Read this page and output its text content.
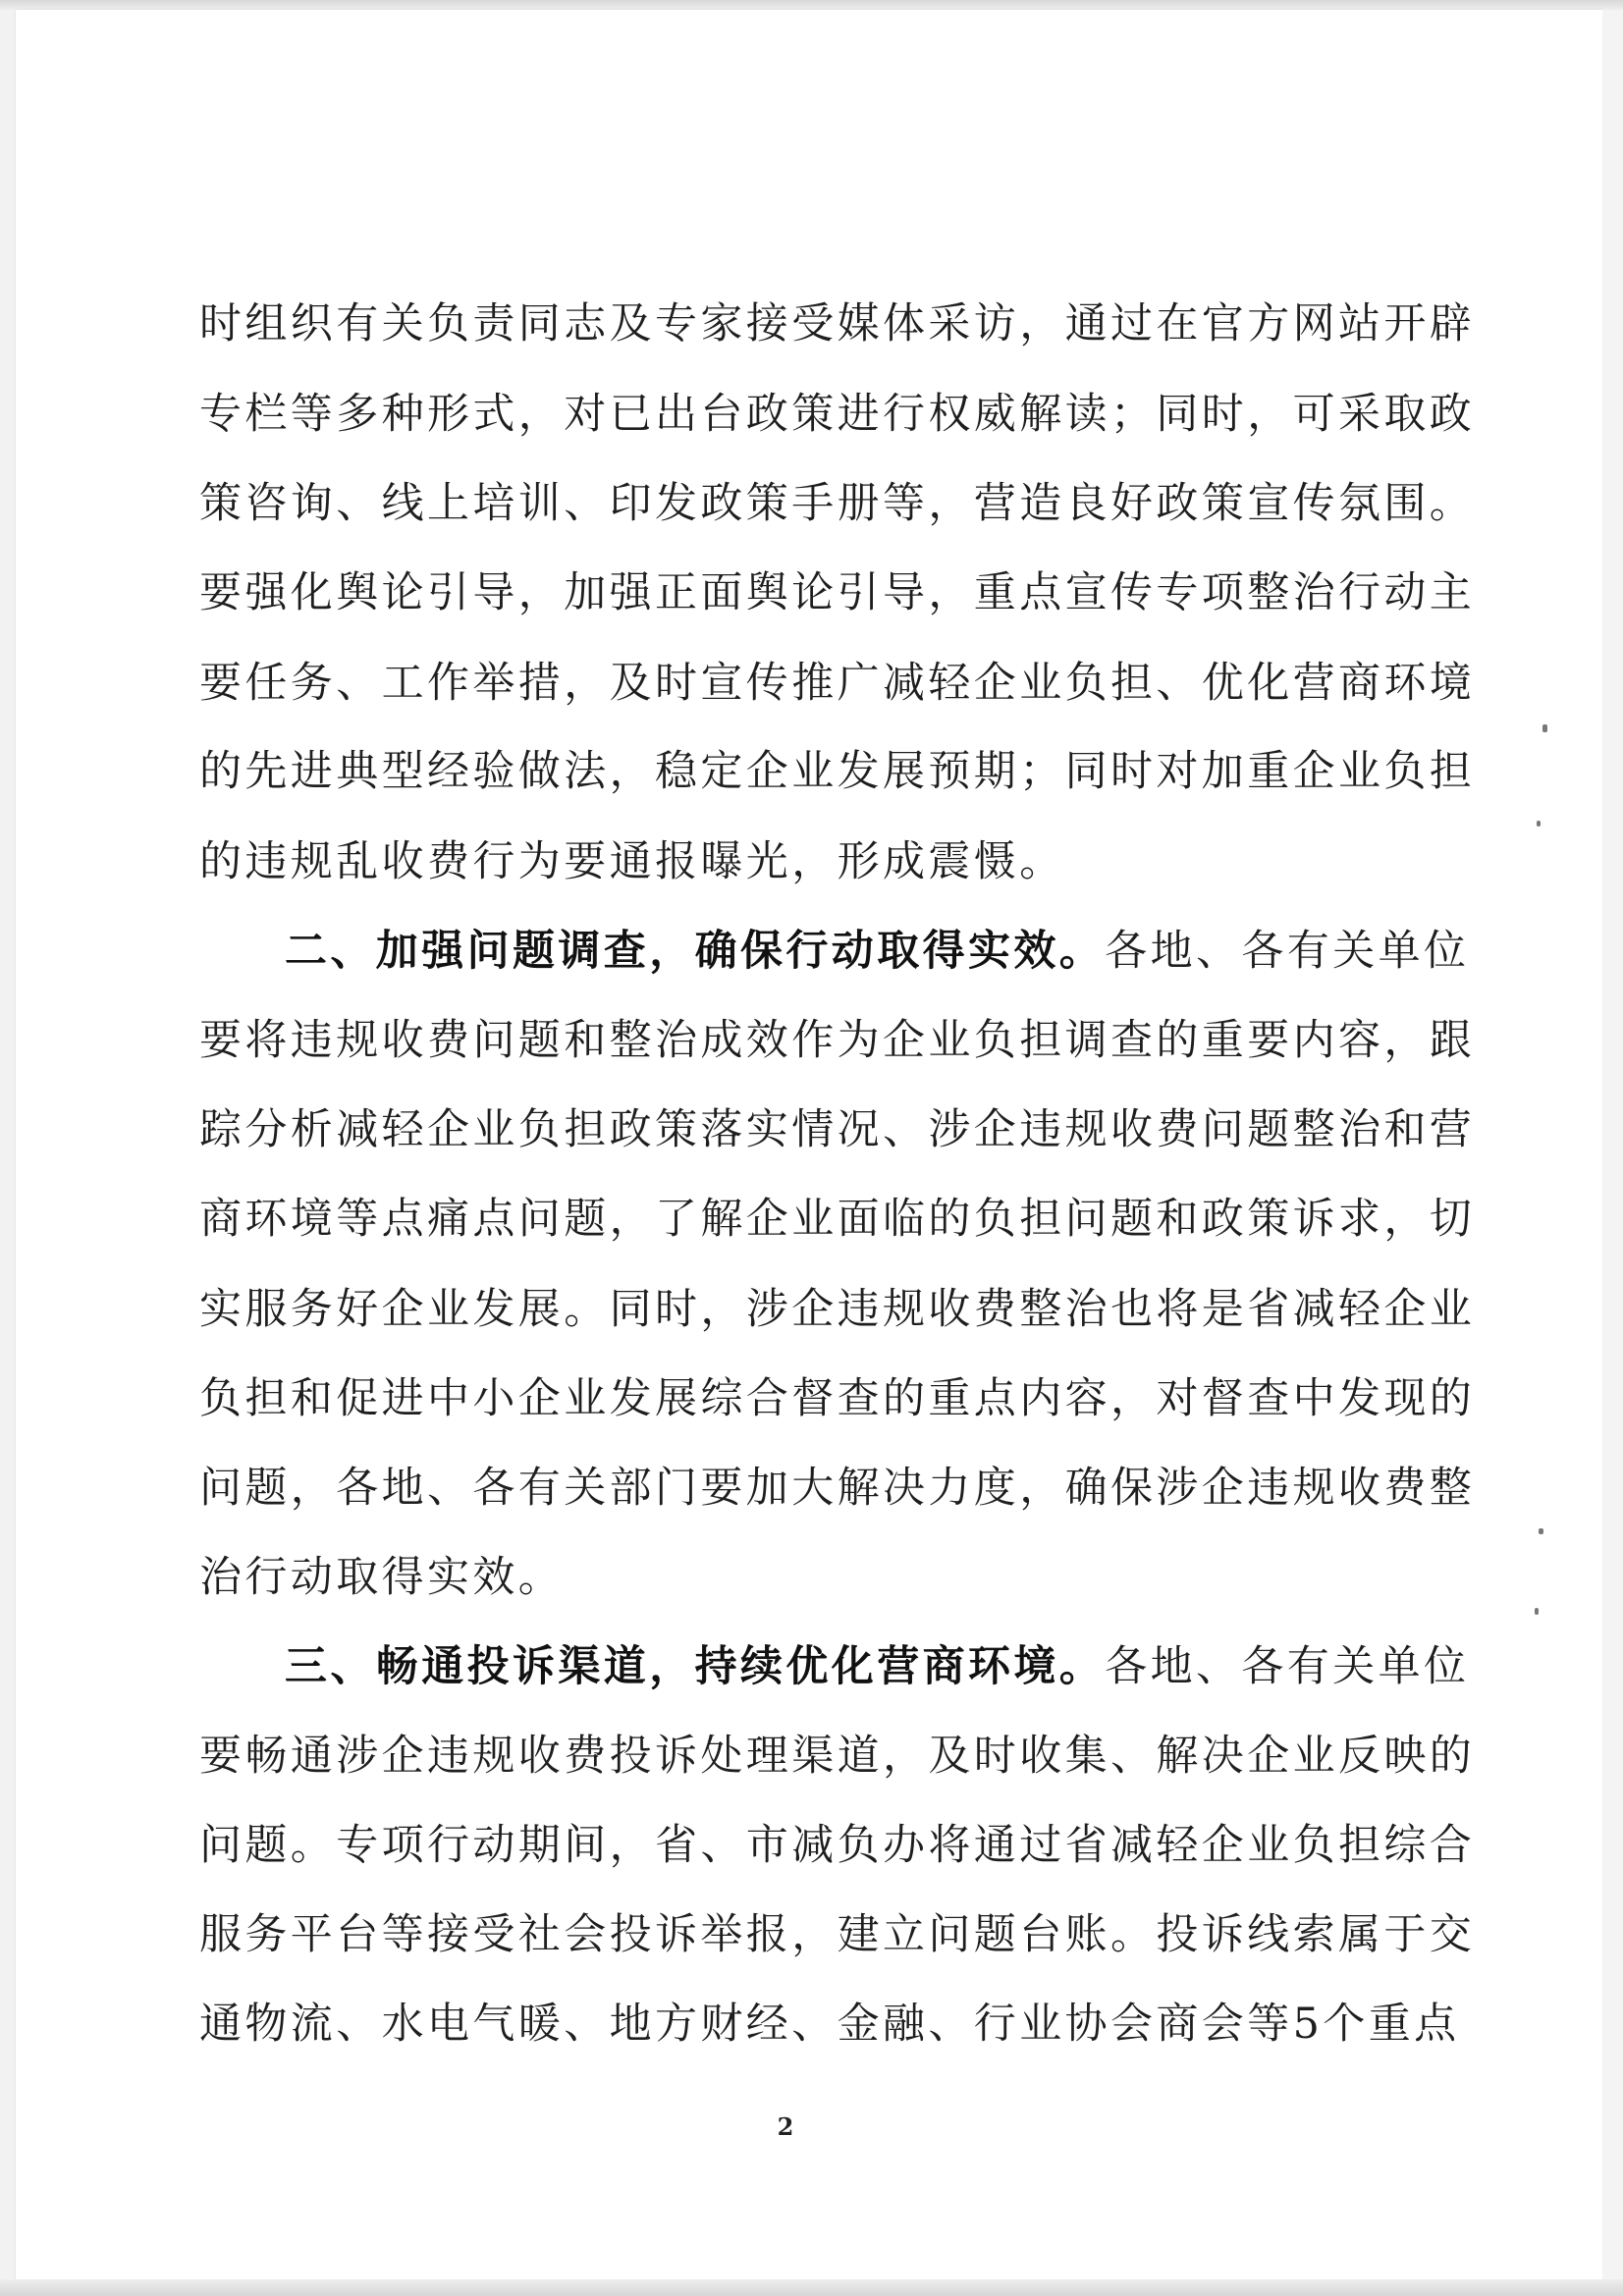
时组织有关负责同志及专家接受媒体采访，通过在官方网站开辟
专栏等多种形式，对已出台政策进行权威解读；同时，可采取政
策咨询、线上培训、印发政策手册等，营造良好政策宣传氛围。
要强化舆论引导，加强正面舆论引导，重点宣传专项整治行动主
要任务、工作举措，及时宣传推广减轻企业负担、优化营商环境
的先进典型经验做法，稳定企业发展预期；同时对加重企业负担
的违规乱收费行为要通报曝光，形成震慑。
二、加强问题调查，确保行动取得实效。各地、各有关单位
要将违规收费问题和整治成效作为企业负担调查的重要内容，跟
踪分析减轻企业负担政策落实情况、涉企违规收费问题整治和营
商环境等点痛点问题，了解企业面临的负担问题和政策诉求，切
实服务好企业发展。同时，涉企违规收费整治也将是省减轻企业
负担和促进中小企业发展综合督查的重点内容，对督查中发现的
问题，各地、各有关部门要加大解决力度，确保涉企违规收费整
治行动取得实效。
三、畅通投诉渠道，持续优化营商环境。各地、各有关单位
要畅通涉企违规收费投诉处理渠道，及时收集、解决企业反映的
问题。专项行动期间，省、市减负办将通过省减轻企业负担综合
服务平台等接受社会投诉举报，建立问题台账。投诉线索属于交
通物流、水电气暖、地方财经、金融、行业协会商会等5个重点
2
